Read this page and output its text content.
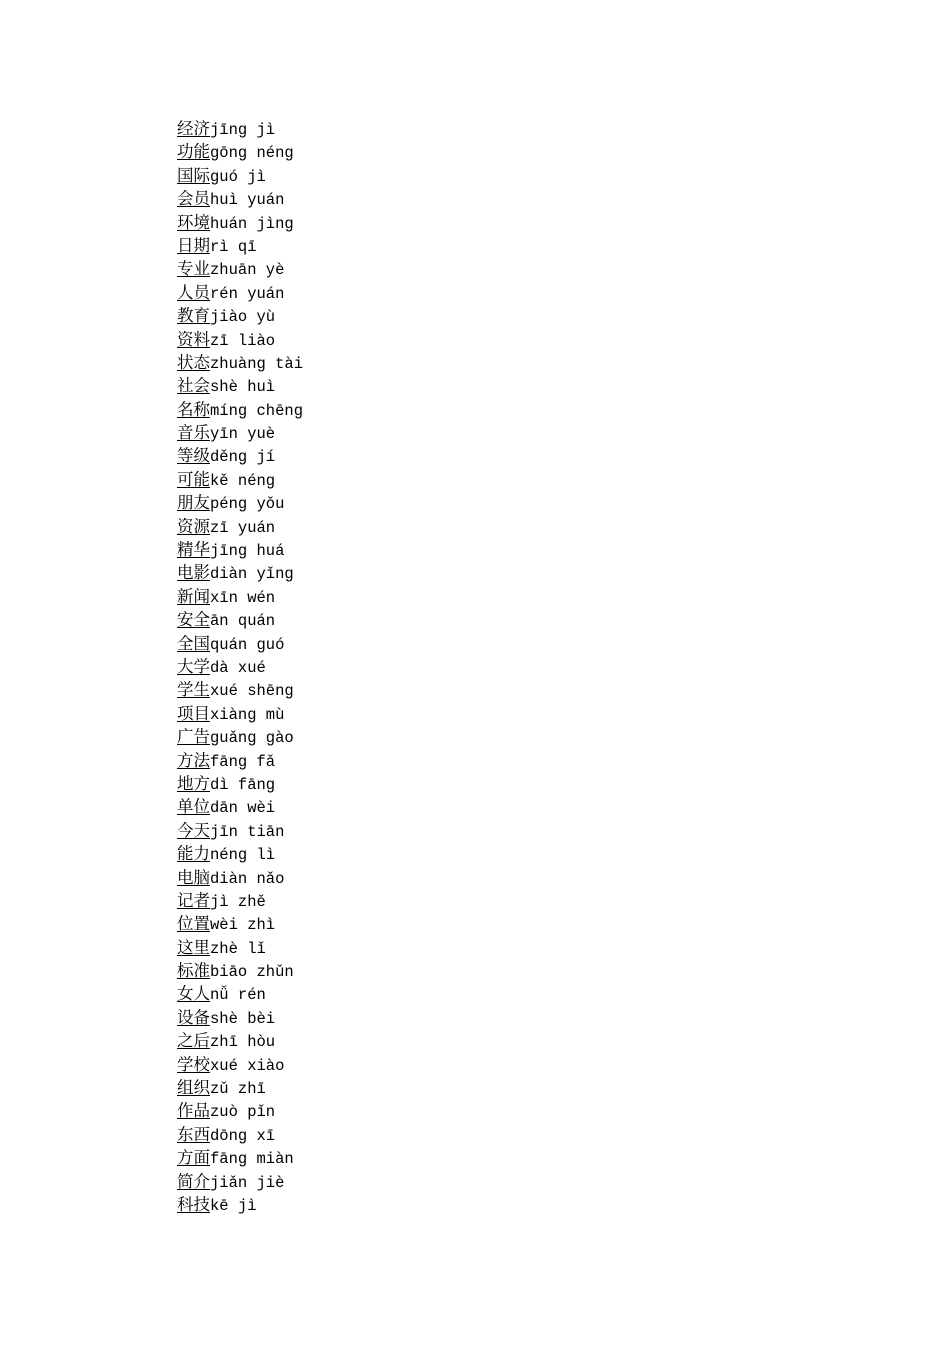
经济jīng jì
功能gōng néng
国际guó jì
会员huì yuán
环境huán jìng
日期rì qī
专业zhuān yè
人员rén yuán
教育jiào yù
资料zī liào
状态zhuàng tài
社会shè huì
名称míng chēng
音乐yīn yuè
等级děng jí
可能kě néng
朋友péng yǒu
资源zī yuán
精华jīng huá
电影diàn yǐng
新闻xīn wén
安全ān quán
全国quán guó
大学dà xué
学生xué shēng
项目xiàng mù
广告guǎng gào
方法fāng fǎ
地方dì fāng
单位dān wèi
今天jīn tiān
能力néng lì
电脑diàn nǎo
记者jì zhě
位置wèi zhì
这里zhè lǐ
标准biāo zhǔn
女人nǚ rén
设备shè bèi
之后zhī hòu
学校xué xiào
组织zǔ zhī
作品zuò pǐn
东西dōng xī
方面fāng miàn
简介jiǎn jiè
科技kē jì
